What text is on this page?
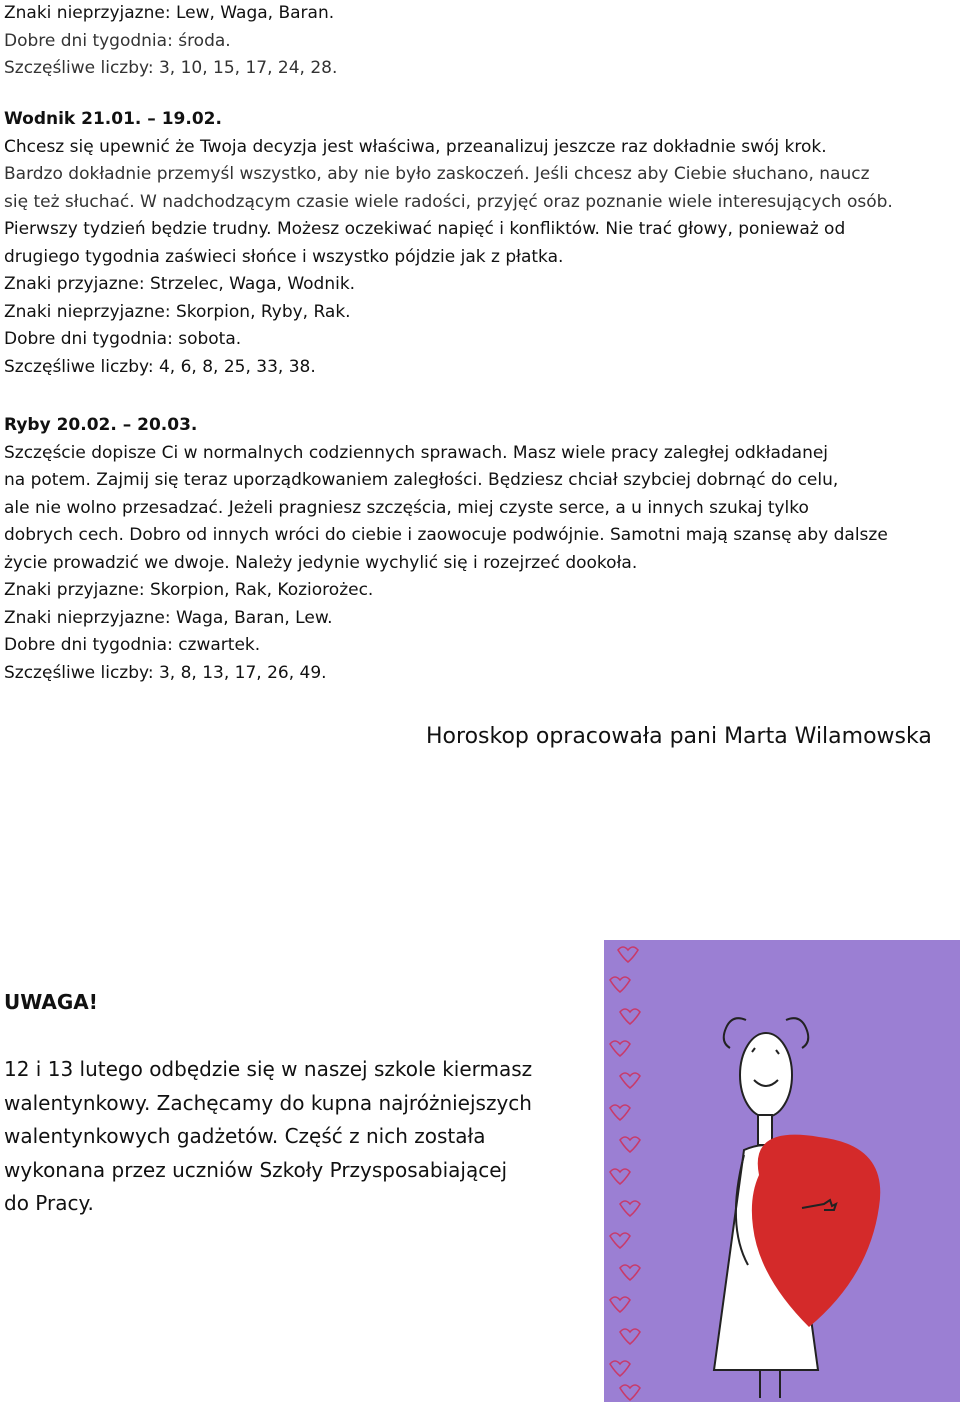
Znaki nieprzyjazne: Lew, Waga, Baran.
Dobre dni tygodnia: środa.
Szczęśliwe liczby: 3, 10, 15, 17, 24, 28.
Wodnik 21.01. – 19.02.
Chcesz się upewnić że Twoja decyzja jest właściwa, przeanalizuj jeszcze raz dokładnie swój krok.
Bardzo dokładnie przemyśl wszystko, aby nie było zaskoczeń. Jeśli chcesz aby Ciebie słuchano, naucz
się też słuchać. W nadchodzącym czasie wiele radości, przyjęć oraz poznanie wiele interesujących osób.
Pierwszy tydzień będzie trudny. Możesz oczekiwać napięć i konfliktów. Nie trać głowy, ponieważ od
drugiego tygodnia zaświeci słońce i wszystko pójdzie jak z płatka.
Znaki przyjazne: Strzelec, Waga, Wodnik.
Znaki nieprzyjazne: Skorpion, Ryby, Rak.
Dobre dni tygodnia: sobota.
Szczęśliwe liczby: 4, 6, 8, 25, 33, 38.
Ryby 20.02. – 20.03.
Szczęście dopisze Ci w normalnych codziennych sprawach. Masz wiele pracy zaległej odkładanej
na potem. Zajmij się teraz uporządkowaniem zaległości. Będziesz chciał szybciej dobrnąć do celu,
ale nie wolno przesadzać. Jeżeli pragniesz szczęścia, miej czyste serce, a u innych szukaj tylko
dobrych cech. Dobro od innych wróci do ciebie i zaowocuje podwójnie. Samotni mają szansę aby dalsze
życie prowadzić we dwoje. Należy jedynie wychylić się i rozejrzeć dookoła.
Znaki przyjazne: Skorpion, Rak, Koziorożec.
Znaki nieprzyjazne: Waga, Baran, Lew.
Dobre dni tygodnia: czwartek.
Szczęśliwe liczby: 3, 8, 13, 17, 26, 49.
Horoskop opracowała pani Marta Wilamowska
UWAGA!
12 i 13 lutego odbędzie się w naszej szkole kiermasz
walentynkowy. Zachęcamy do kupna najróżniejszych
walentynkowych gadżetów. Część z nich została
wykonana przez uczniów Szkoły Przysposabiającej
do Pracy.
